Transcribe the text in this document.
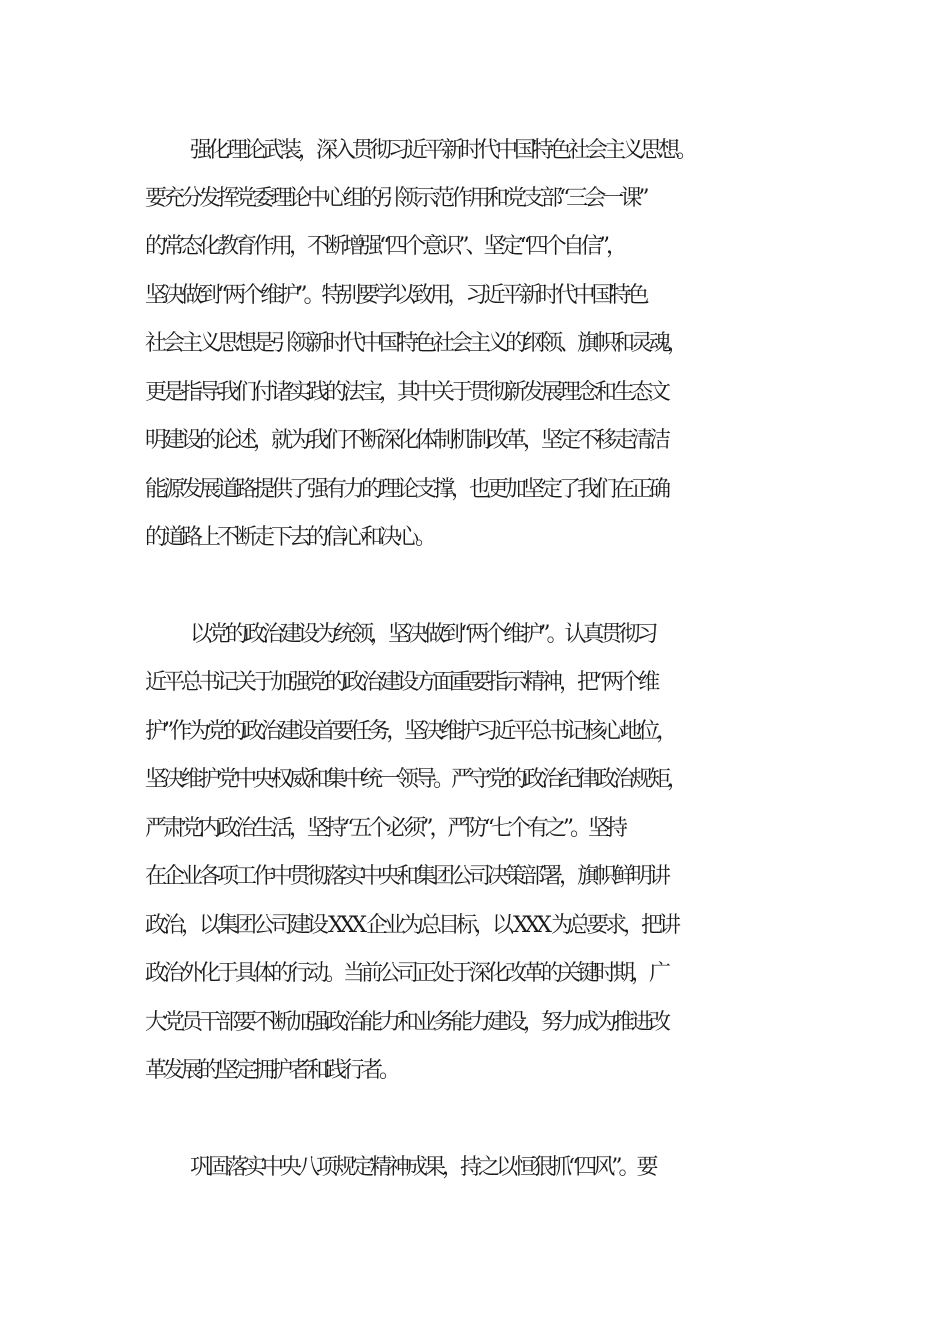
强化理论武装，深入贯彻习近平新时代中国特色社会主义思想。
要充分发挥党委理论中心组的引领示范作用和党支部“三会一课”
的常态化教育作用，不断增强“四个意识”、坚定“四个自信”，
坚决做到“两个维护”。特别要学以致用，习近平新时代中国特色
社会主义思想是引领新时代中国特色社会主义的纲领、旗帜和灵魂，
更是指导我们付诸实践的法宝，其中关于贯彻新发展理念和生态文
明建设的论述，就为我们不断深化体制机制改革，坚定不移走清洁
能源发展道路提供了强有力的理论支撑，也更加坚定了我们在正确
的道路上不断走下去的信心和决心。
以党的政治建设为统领，坚决做到“两个维护”。认真贯彻习
近平总书记关于加强党的政治建设方面重要指示精神，把“两个维
护”作为党的政治建设首要任务，坚决维护习近平总书记核心地位，
坚决维护党中央权威和集中统一领导。严守党的政治纪律政治规矩，
严肃党内政治生活，坚持“五个必须”，严防“七个有之”。坚持
在企业各项工作中贯彻落实中央和集团公司决策部署，旗帜鲜明讲
政治，以集团公司建设 XXX 企业为总目标，以 XXX 为总要求，把讲
政治外化于具体的行动。当前公司正处于深化改革的关键时期，广
大党员干部要不断加强政治能力和业务能力建设，努力成为推进改
革发展的坚定拥护者和践行者。
巩固落实中央八项规定精神成果，持之以恒狠抓“四风”。要
